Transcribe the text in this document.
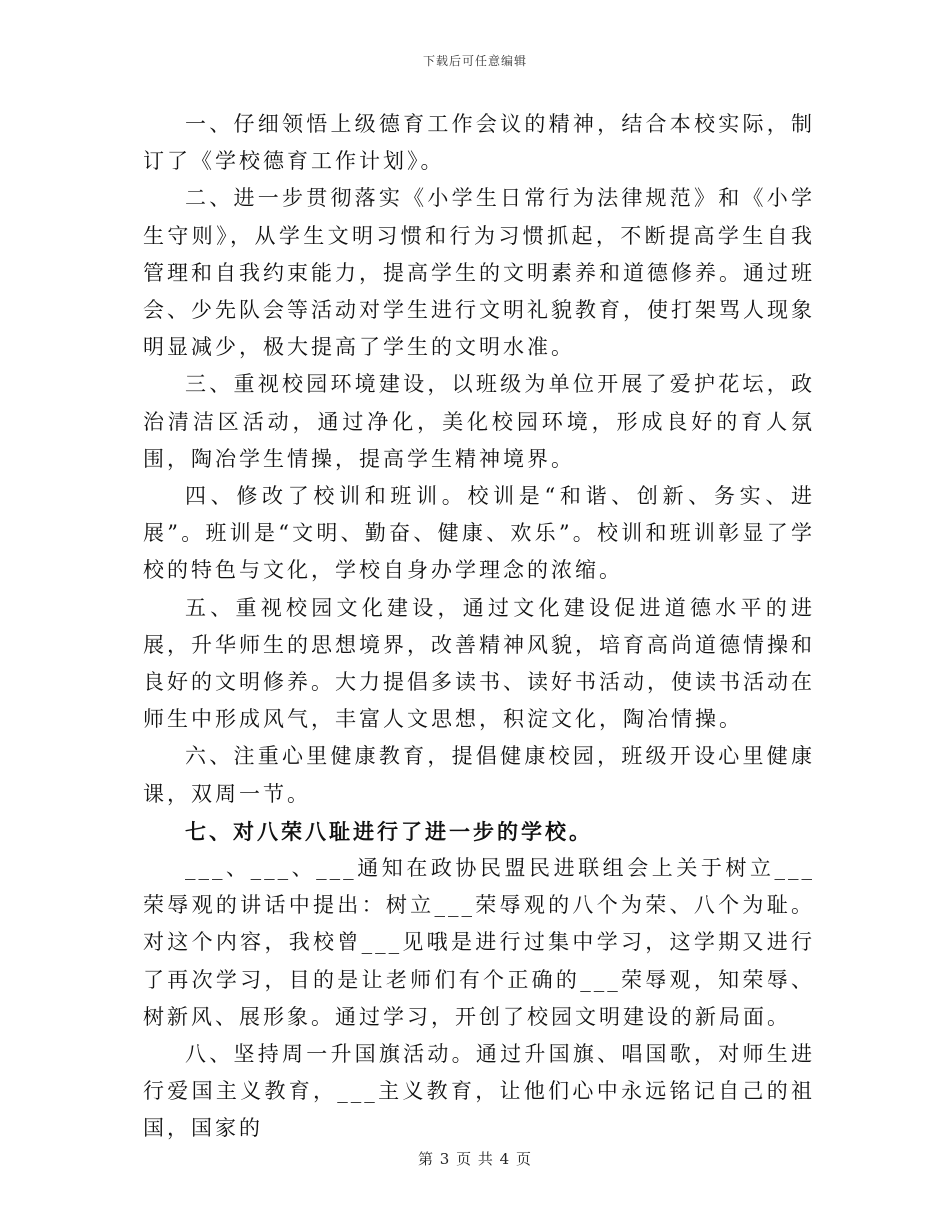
下载后可任意编辑

一、仔细领悟上级德育工作会议的精神，结合本校实际，制订了《学校德育工作计划》。

二、进一步贯彻落实《小学生日常行为法律规范》和《小学生守则》，从学生文明习惯和行为习惯抓起，不断提高学生自我管理和自我约束能力，提高学生的文明素养和道德修养。通过班会、少先队会等活动对学生进行文明礼貌教育，使打架骂人现象明显减少，极大提高了学生的文明水准。

三、重视校园环境建设，以班级为单位开展了爱护花坛，政治清洁区活动，通过净化，美化校园环境，形成良好的育人氛围，陶冶学生情操，提高学生精神境界。

四、修改了校训和班训。校训是“和谐、创新、务实、进展”。班训是“文明、勤奋、健康、欢乐”。校训和班训彰显了学校的特色与文化，学校自身办学理念的浓缩。

五、重视校园文化建设，通过文化建设促进道德水平的进展，升华师生的思想境界，改善精神风貌，培育高尚道德情操和良好的文明修养。大力提倡多读书、读好书活动，使读书活动在师生中形成风气，丰富人文思想，积淀文化，陶冶情操。

六、注重心里健康教育，提倡健康校园，班级开设心里健康课，双周一节。

七、对八荣八耻进行了进一步的学校。

___、___、___通知在政协民盟民进联组会上关于树立___荣辱观的讲话中提出：树立___荣辱观的八个为荣、八个为耻。对这个内容，我校曾___见哦是进行过集中学习，这学期又进行了再次学习，目的是让老师们有个正确的___荣辱观，知荣辱、树新风、展形象。通过学习，开创了校园文明建设的新局面。

八、坚持周一升国旗活动。通过升国旗、唱国歌，对师生进行爱国主义教育，___主义教育，让他们心中永远铭记自己的祖国，国家的

第 3 页 共 4 页
